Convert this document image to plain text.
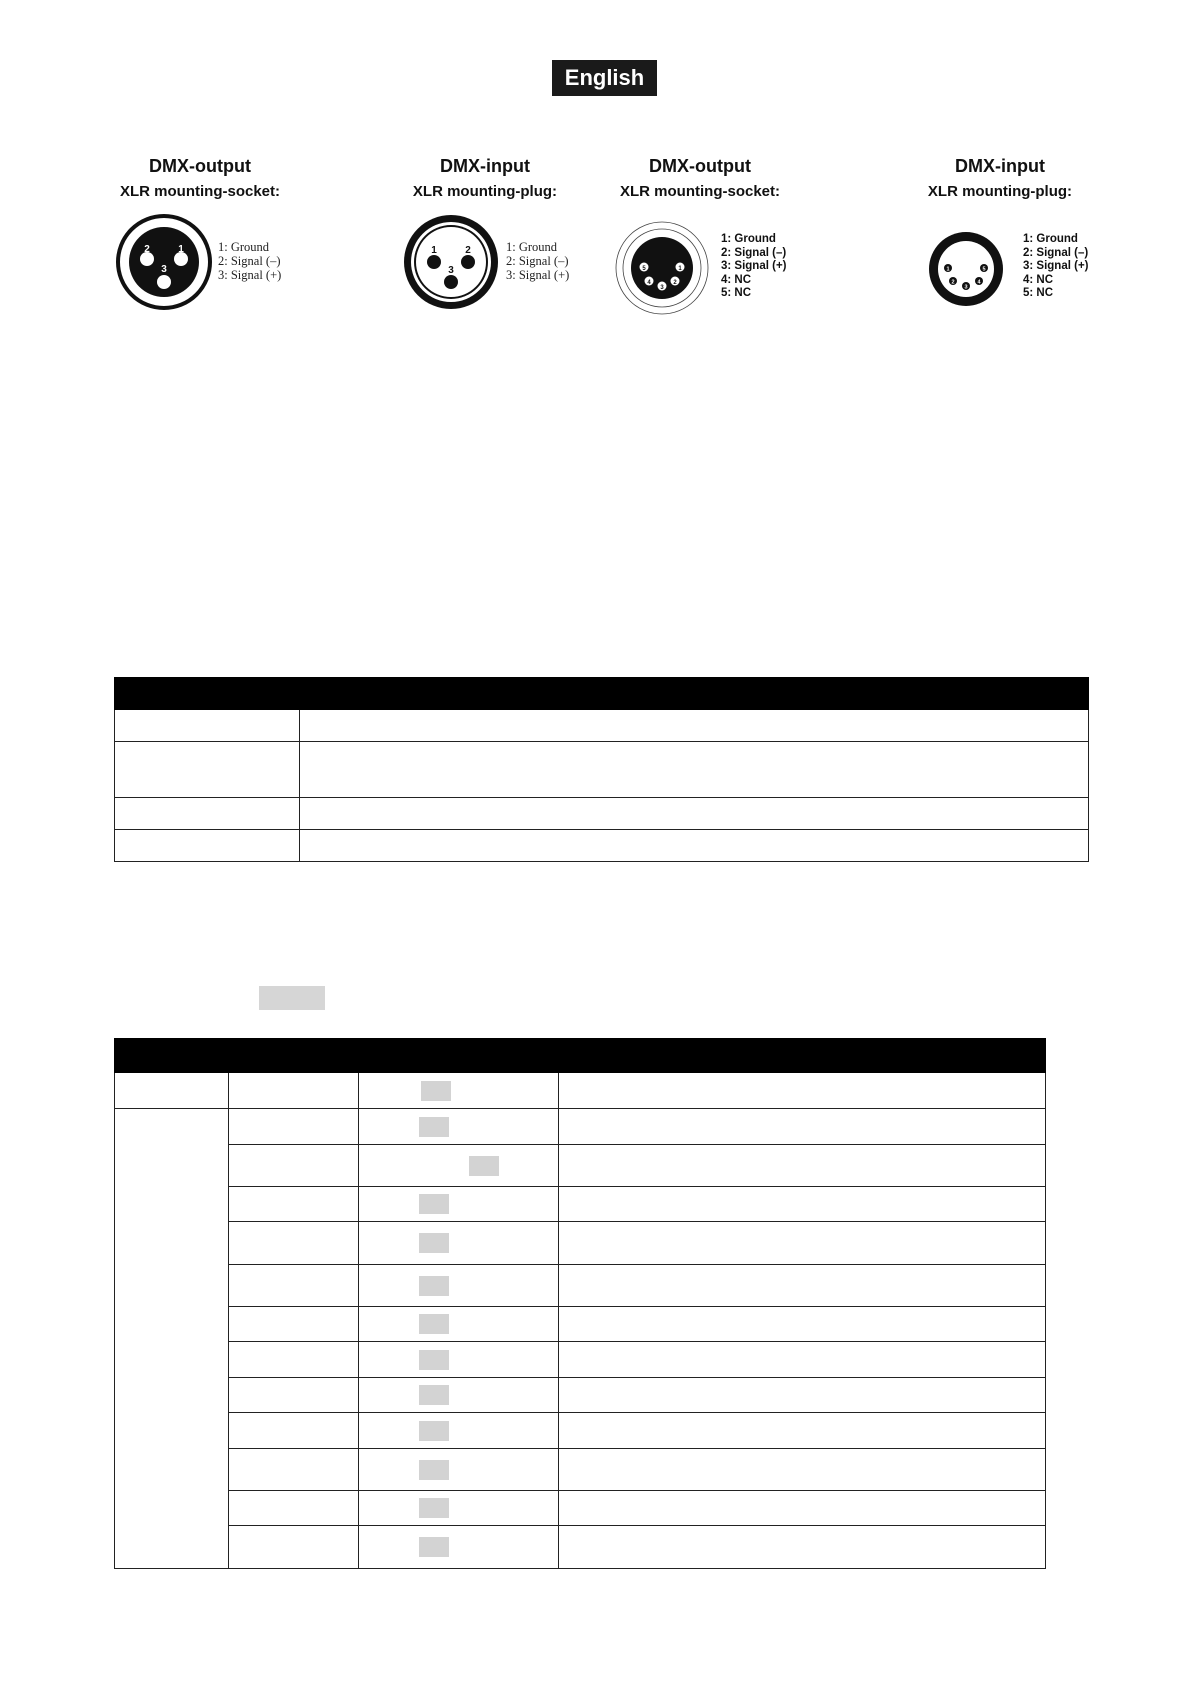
English
DMX-output
XLR mounting-socket:
2	1
3
1: Ground
2: Signal (–)
3: Signal (+)
DMX-input
XLR mounting-plug:
1	2
3
1: Ground
2: Signal (–)
3: Signal (+)
DMX-output
XLR mounting-socket:
5	1
4
3
2
1: Ground
2: Signal (–)
3: Signal (+)
4: NC
5: NC
DMX-input
XLR mounting-plug:
1	5
2
3
4
1: Ground
2: Signal (–)
3: Signal (+)
4: NC
5: NC
